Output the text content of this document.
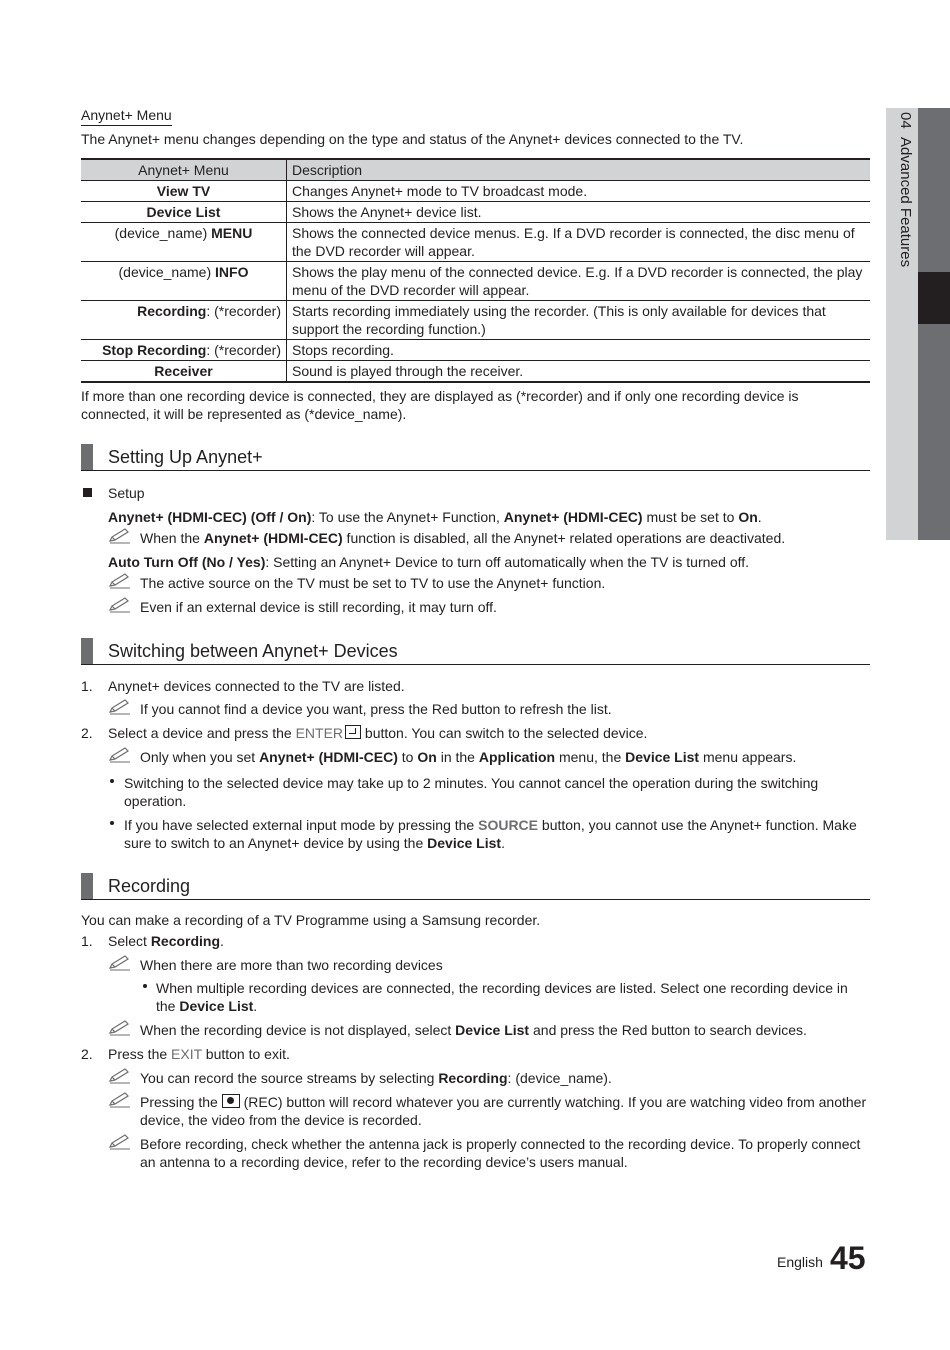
04  Advanced Features
Anynet+ Menu
The Anynet+ menu changes depending on the type and status of the Anynet+ devices connected to the TV.
Anynet+ Menu	Description
View TV	Changes Anynet+ mode to TV broadcast mode.
Device List	Shows the Anynet+ device list.
(device_name) MENU	Shows the connected device menus. E.g. If a DVD recorder is connected, the disc menu of the DVD recorder will appear.
(device_name) INFO	Shows the play menu of the connected device. E.g. If a DVD recorder is connected, the play menu of the DVD recorder will appear.
Recording: (*recorder)	Starts recording immediately using the recorder. (This is only available for devices that support the recording function.)
Stop Recording: (*recorder)	Stops recording.
Receiver	Sound is played through the receiver.
If more than one recording device is connected, they are displayed as (*recorder) and if only one recording device is connected, it will be represented as (*device_name).
Setting Up Anynet+
Setup
Anynet+ (HDMI-CEC) (Off / On): To use the Anynet+ Function, Anynet+ (HDMI-CEC) must be set to On.
When the Anynet+ (HDMI-CEC) function is disabled, all the Anynet+ related operations are deactivated.
Auto Turn Off (No / Yes): Setting an Anynet+ Device to turn off automatically when the TV is turned off.
The active source on the TV must be set to TV to use the Anynet+ function.
Even if an external device is still recording, it may turn off.
Switching between Anynet+ Devices
1. Anynet+ devices connected to the TV are listed.
If you cannot find a device you want, press the Red button to refresh the list.
2. Select a device and press the ENTER button. You can switch to the selected device.
Only when you set Anynet+ (HDMI-CEC) to On in the Application menu, the Device List menu appears.
Switching to the selected device may take up to 2 minutes. You cannot cancel the operation during the switching operation.
If you have selected external input mode by pressing the SOURCE button, you cannot use the Anynet+ function. Make sure to switch to an Anynet+ device by using the Device List.
Recording
You can make a recording of a TV Programme using a Samsung recorder.
1. Select Recording.
When there are more than two recording devices
When multiple recording devices are connected, the recording devices are listed. Select one recording device in the Device List.
When the recording device is not displayed, select Device List and press the Red button to search devices.
2. Press the EXIT button to exit.
You can record the source streams by selecting Recording: (device_name).
Pressing the  (REC) button will record whatever you are currently watching. If you are watching video from another device, the video from the device is recorded.
Before recording, check whether the antenna jack is properly connected to the recording device. To properly connect an antenna to a recording device, refer to the recording device’s users manual.
English 45
